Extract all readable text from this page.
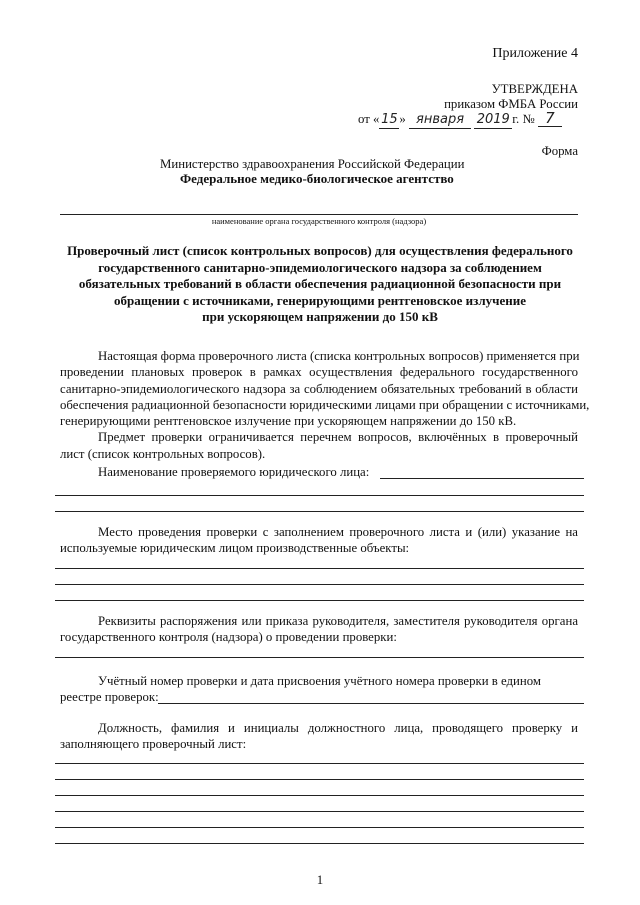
Приложение 4
УТВЕРЖДЕНА
приказом ФМБА России
от « 15 » января 2019 г. № 7
Форма
Министерство здравоохранения Российской Федерации
Федеральное медико-биологическое агентство
наименование органа государственного контроля (надзора)
Проверочный лист (список контрольных вопросов) для осуществления федерального
государственного санитарно-эпидемиологического надзора за соблюдением
обязательных требований в области обеспечения радиационной безопасности при
обращении с источниками, генерирующими рентгеновское излучение
при ускоряющем напряжении до 150 кВ
Настоящая форма проверочного листа (списка контрольных вопросов) применяется при
проведении плановых проверок в рамках осуществления федерального государственного
санитарно-эпидемиологического надзора за соблюдением обязательных требований в области
обеспечения радиационной безопасности юридическими лицами при обращении с источниками,
генерирующими рентгеновское излучение при ускоряющем напряжении до 150 кВ.
Предмет проверки ограничивается перечнем вопросов, включённых в проверочный
лист (список контрольных вопросов).
Наименование проверяемого юридического лица:
Место проведения проверки с заполнением проверочного листа и (или) указание на
используемые юридическим лицом производственные объекты:
Реквизиты распоряжения или приказа руководителя, заместителя руководителя органа
государственного контроля (надзора) о проведении проверки:
Учётный номер проверки и дата присвоения учётного номера проверки в едином
реестре проверок:
Должность, фамилия и инициалы должностного лица, проводящего проверку и
заполняющего проверочный лист:
1
